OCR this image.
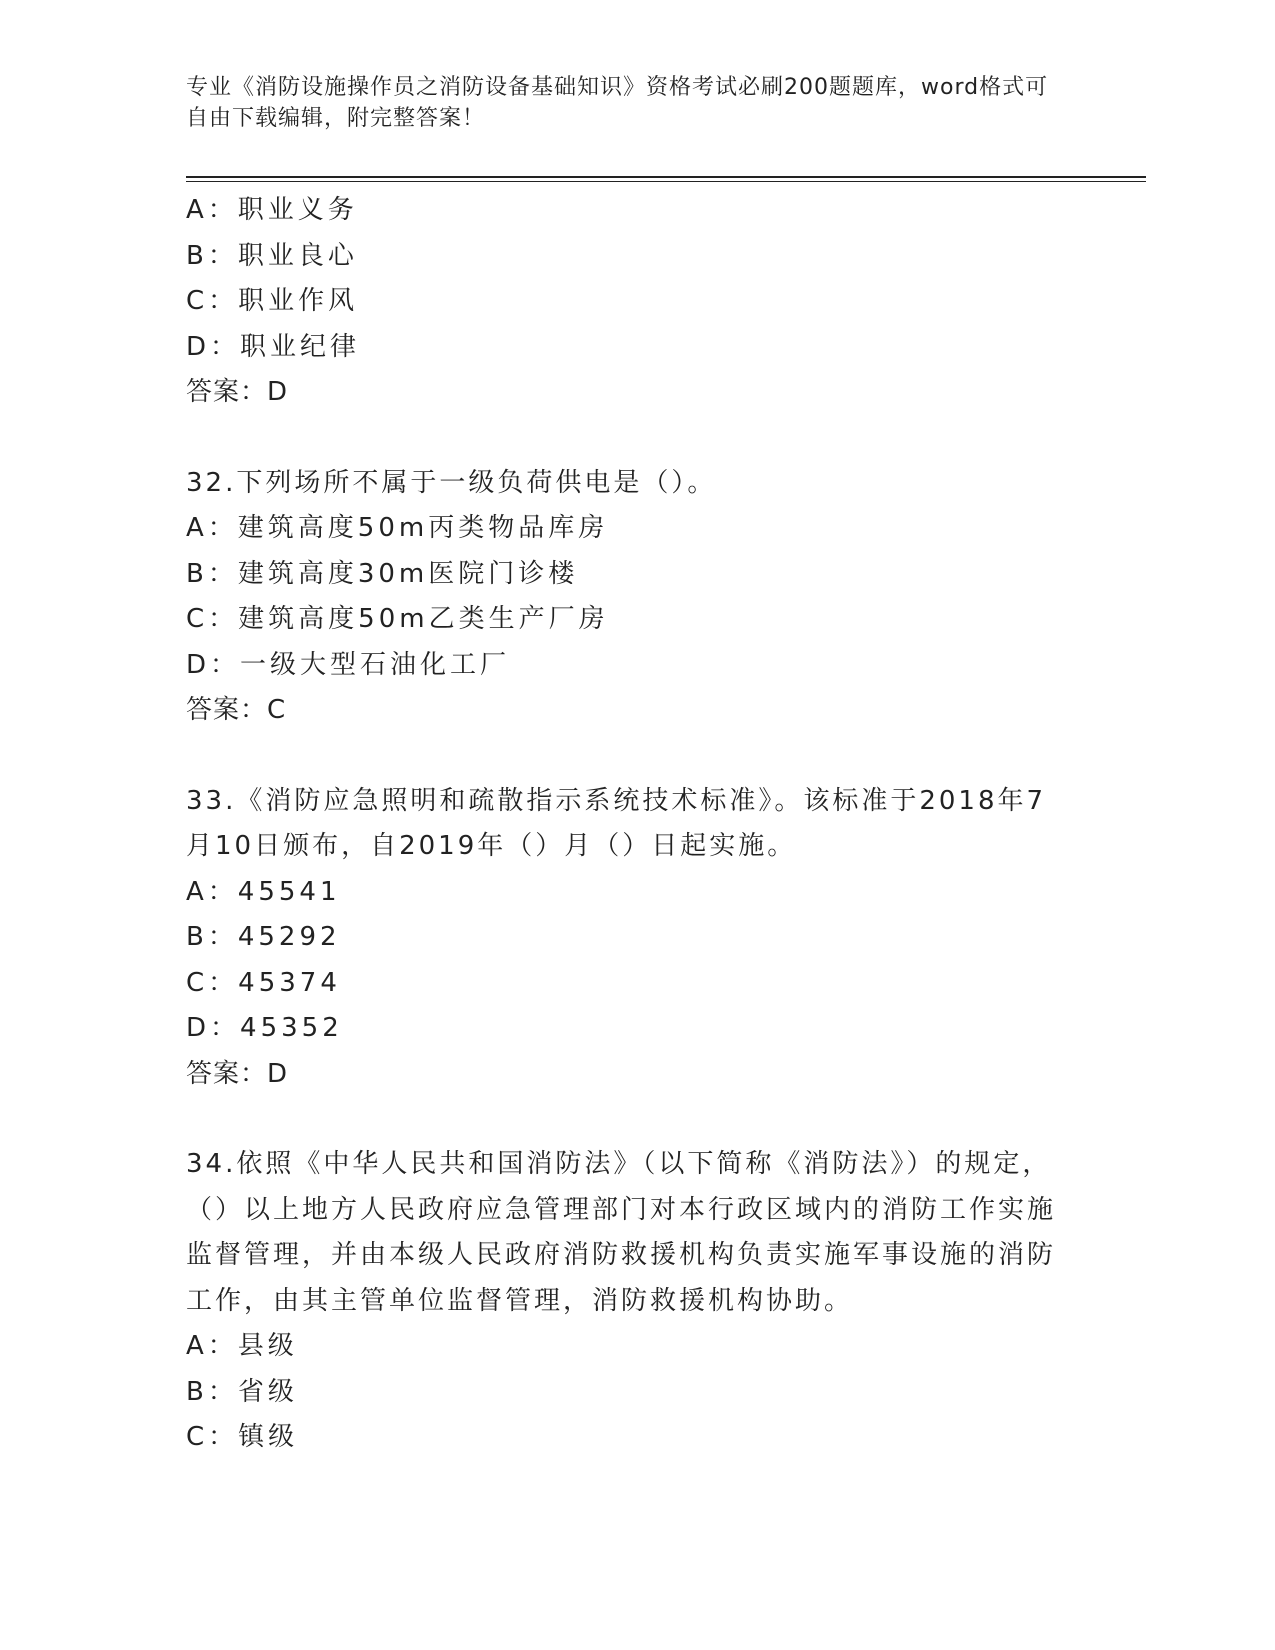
专业《消防设施操作员之消防设备基础知识》资格考试必刷200题题库，word格式可自由下载编辑，附完整答案！
A：职业义务
B：职业良心
C：职业作风
D：职业纪律
答案：D
32.下列场所不属于一级负荷供电是（）。
A：建筑高度50m丙类物品库房
B：建筑高度30m医院门诊楼
C：建筑高度50m乙类生产厂房
D：一级大型石油化工厂
答案：C
33.《消防应急照明和疏散指示系统技术标准》。该标准于2018年7月10日颁布，自2019年（）月（）日起实施。
A：45541
B：45292
C：45374
D：45352
答案：D
34.依照《中华人民共和国消防法》（以下简称《消防法》）的规定，（）以上地方人民政府应急管理部门对本行政区域内的消防工作实施监督管理，并由本级人民政府消防救援机构负责实施军事设施的消防工作，由其主管单位监督管理，消防救援机构协助。
A：县级
B：省级
C：镇级
